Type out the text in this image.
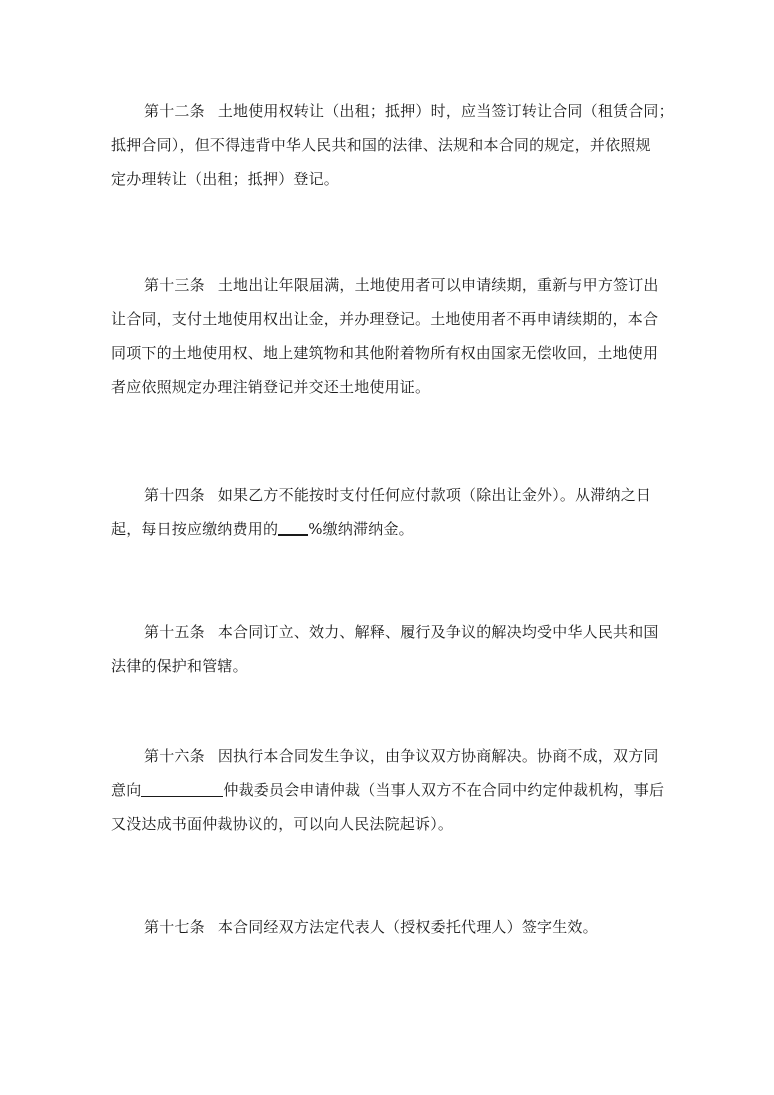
第十二条 土地使用权转让（出租；抵押）时，应当签订转让合同（租赁合同；
抵押合同），但不得违背中华人民共和国的法律、法规和本合同的规定，并依照规
定办理转让（出租；抵押）登记。
第十三条 土地出让年限届满，土地使用者可以申请续期，重新与甲方签订出
让合同，支付土地使用权出让金，并办理登记。土地使用者不再申请续期的，本合
同项下的土地使用权、地上建筑物和其他附着物所有权由国家无偿收回，土地使用
者应依照规定办理注销登记并交还土地使用证。
第十四条 如果乙方不能按时支付任何应付款项（除出让金外）。从滞纳之日
起，每日按应缴纳费用的 %缴纳滞纳金。
第十五条 本合同订立、效力、解释、履行及争议的解决均受中华人民共和国
法律的保护和管辖。
第十六条 因执行本合同发生争议，由争议双方协商解决。协商不成，双方同
意向	仲裁委员会申请仲裁（当事人双方不在合同中约定仲裁机构，事后
又没达成书面仲裁协议的，可以向人民法院起诉）。
第十七条 本合同经双方法定代表人（授权委托代理人）签字生效。
